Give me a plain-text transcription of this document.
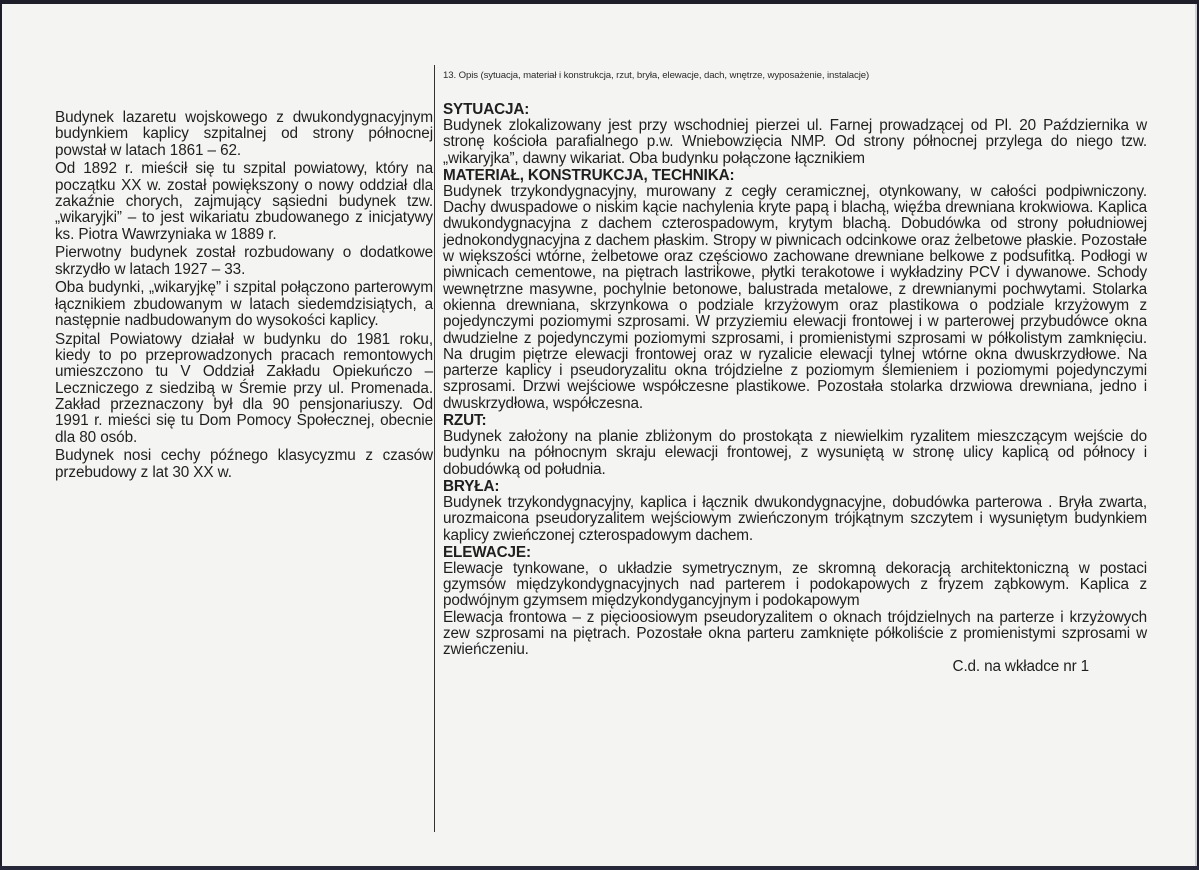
13. Opis (sytuacja, materiał i konstrukcja, rzut, bryła, elewacje, dach, wnętrze, wyposażenie, instalacje)

Budynek lazaretu wojskowego z dwukondygnacyjnym budynkiem kaplicy szpitalnej od strony północnej powstał w latach 1861 – 62.

Od 1892 r. mieścił się tu szpital powiatowy, który na początku XX w. został powiększony o nowy oddział dla zakaźnie chorych, zajmujący sąsiedni budynek tzw. „wikaryjki” – to jest wikariatu zbudowanego z inicjatywy ks. Piotra Wawrzyniaka w 1889 r.

Pierwotny budynek został rozbudowany o dodatkowe skrzydło w latach 1927 – 33.

Oba budynki, „wikaryjkę” i szpital połączono parterowym łącznikiem zbudowanym w latach siedemdzisiątych, a następnie nadbudowanym do wysokości kaplicy.

Szpital Powiatowy działał w budynku do 1981 roku, kiedy to po przeprowadzonych pracach remontowych umieszczono tu V Oddział Zakładu Opiekuńczo – Leczniczego z siedzibą w Śremie przy ul. Promenada. Zakład przeznaczony był dla 90 pensjonariuszy. Od 1991 r. mieści się tu Dom Pomocy Społecznej, obecnie dla 80 osób.

Budynek nosi cechy późnego klasycyzmu z czasów przebudowy z lat 30 XX w.

SYTUACJA:

Budynek zlokalizowany jest przy wschodniej pierzei ul. Farnej prowadzącej od Pl. 20 Października w stronę kościoła parafialnego p.w. Wniebowzięcia NMP. Od strony północnej przylega do niego tzw. „wikaryjka”, dawny wikariat. Oba budynku połączone łącznikiem

MATERIAŁ, KONSTRUKCJA, TECHNIKA:

Budynek trzykondygnacyjny, murowany z cegły ceramicznej, otynkowany, w całości podpiwniczony. Dachy dwuspadowe o niskim kącie nachylenia kryte papą i blachą, więźba drewniana krokwiowa. Kaplica dwukondygnacyjna z dachem czterospadowym, krytym blachą. Dobudówka od strony południowej jednokondygnacyjna z dachem płaskim. Stropy w piwnicach odcinkowe oraz żelbetowe płaskie. Pozostałe w większości wtórne, żelbetowe oraz częściowo zachowane drewniane belkowe z podsufitką. Podłogi w piwnicach cementowe, na piętrach lastrikowe, płytki terakotowe i wykładziny PCV i dywanowe. Schody wewnętrzne masywne, pochylnie betonowe, balustrada metalowe, z drewnianymi pochwytami. Stolarka okienna drewniana, skrzynkowa o podziale krzyżowym oraz plastikowa o podziale krzyżowym z pojedynczymi poziomymi szprosami. W przyziemiu elewacji frontowej i w parterowej przybudówce okna dwudzielne z pojedynczymi poziomymi szprosami, i promienistymi szprosami w półkolistym zamknięciu. Na drugim piętrze elewacji frontowej oraz w ryzalicie elewacji tylnej wtórne okna dwuskrzydłowe. Na parterze kaplicy i pseudoryzalitu okna trójdzielne z poziomym ślemieniem i poziomymi pojedynczymi szprosami. Drzwi wejściowe współczesne plastikowe. Pozostała stolarka drzwiowa drewniana, jedno i dwuskrzydłowa, współczesna.

RZUT:

Budynek założony na planie zbliżonym do prostokąta z niewielkim ryzalitem mieszczącym wejście do budynku na północnym skraju elewacji frontowej, z wysuniętą w stronę ulicy kaplicą od północy i dobudówką od południa.

BRYŁA:

Budynek trzykondygnacyjny, kaplica i łącznik dwukondygnacyjne, dobudówka parterowa . Bryła zwarta, urozmaicona pseudoryzalitem wejściowym zwieńczonym trójkątnym szczytem i wysuniętym budynkiem kaplicy zwieńczonej czterospadowym dachem.

ELEWACJE:

Elewacje tynkowane, o układzie symetrycznym, ze skromną dekoracją architektoniczną w postaci gzymsów międzykondygnacyjnych nad parterem i podokapowych z fryzem ząbkowym. Kaplica z podwójnym gzymsem międzykondygancyjnym i podokapowym

Elewacja frontowa – z pięcioosiowym pseudoryzalitem o oknach trójdzielnych na parterze i krzyżowych zew szprosami na piętrach. Pozostałe okna parteru zamknięte półkoliście z promienistymi szprosami w zwieńczeniu.

C.d. na wkładce nr 1
